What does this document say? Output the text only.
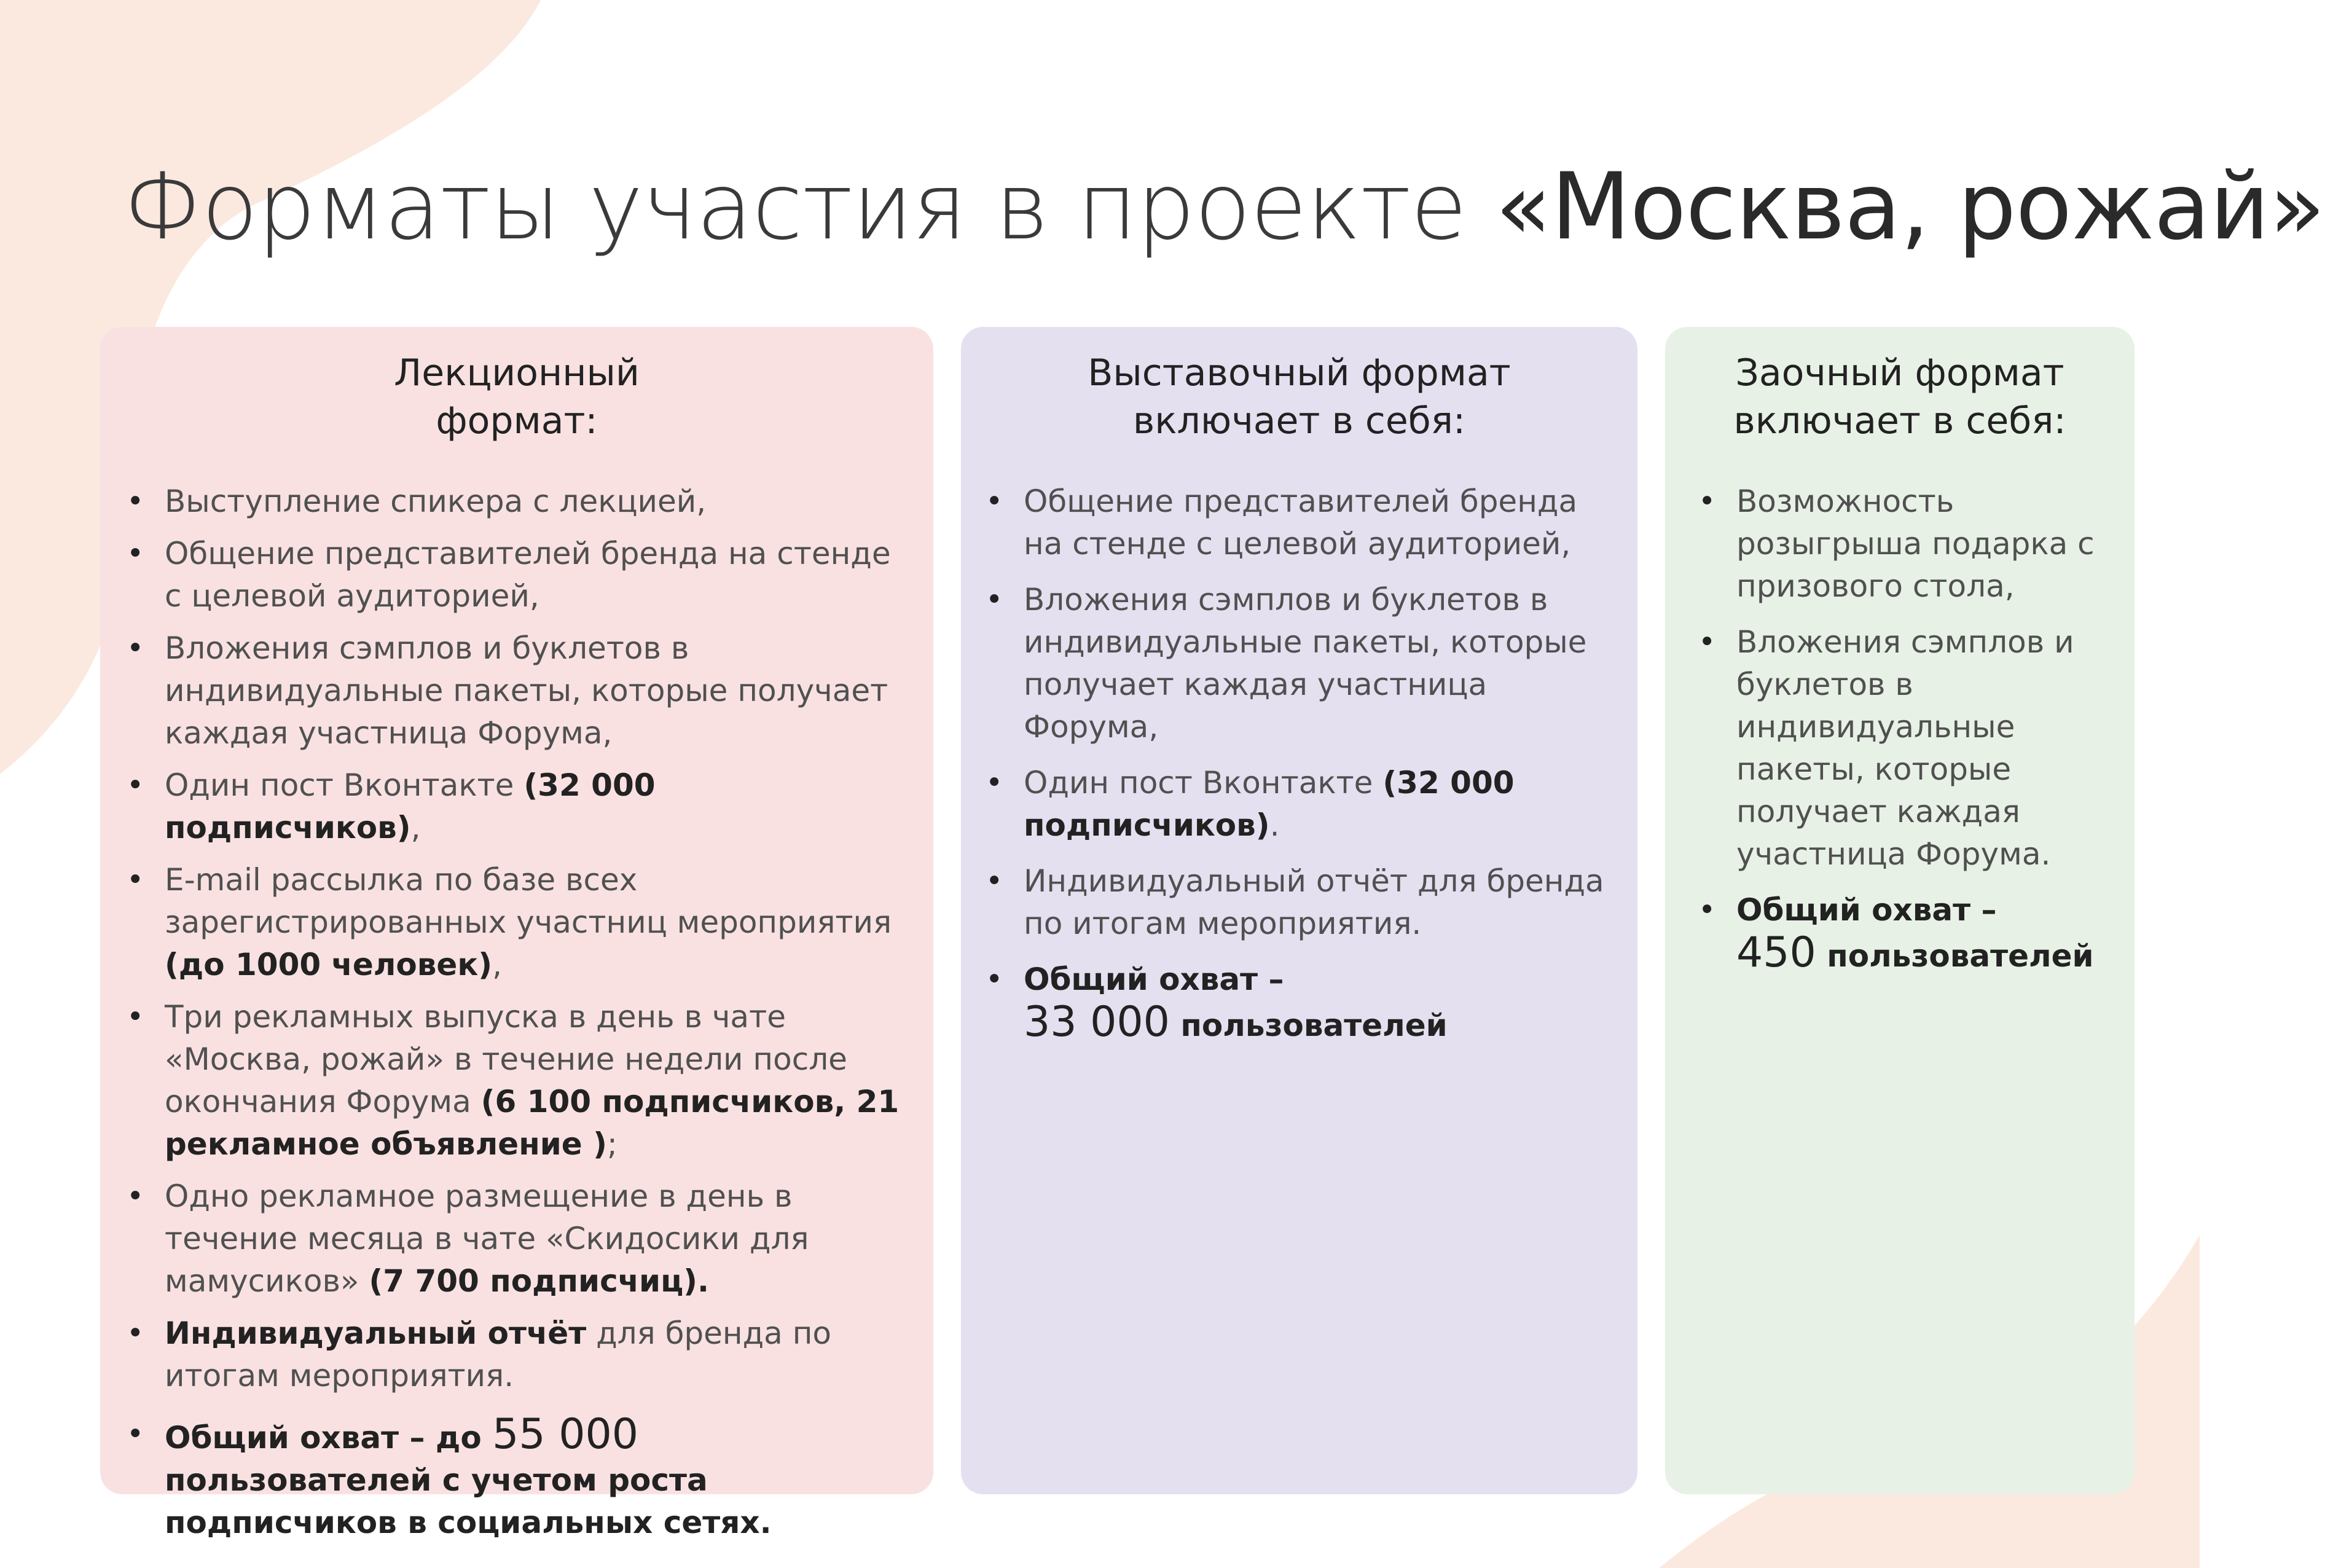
Форматы участия в проекте «Москва, рожай»
Лекционный
формат:
• Выступление спикера с лекцией,
• Общение представителей бренда на стенде с целевой аудиторией,
• Вложения сэмплов и буклетов в индивидуальные пакеты, которые получает каждая участница Форума,
• Один пост Вконтакте (32 000 подписчиков),
• E-mail рассылка по базе всех зарегистрированных участниц мероприятия (до 1000 человек),
• Три рекламных выпуска в день в чате «Москва, рожай» в течение недели после окончания Форума (6 100 подписчиков, 21 рекламное объявление );
• Одно рекламное размещение в день в течение месяца в чате «Скидосики для мамусиков» (7 700 подписчиц).
• Индивидуальный отчёт для бренда по итогам мероприятия.
• Общий охват – до 55 000 пользователей с учетом роста подписчиков в социальных сетях.
Выставочный формат
включает в себя:
• Общение представителей бренда на стенде с целевой аудиторией,
• Вложения сэмплов и буклетов в индивидуальные пакеты, которые получает каждая участница Форума,
• Один пост Вконтакте (32 000 подписчиков).
• Индивидуальный отчёт для бренда по итогам мероприятия.
• Общий охват –
33 000 пользователей
Заочный формат
включает в себя:
• Возможность розыгрыша подарка с призового стола,
• Вложения сэмплов и буклетов в индивидуальные пакеты, которые получает каждая участница Форума.
• Общий охват –
450 пользователей
